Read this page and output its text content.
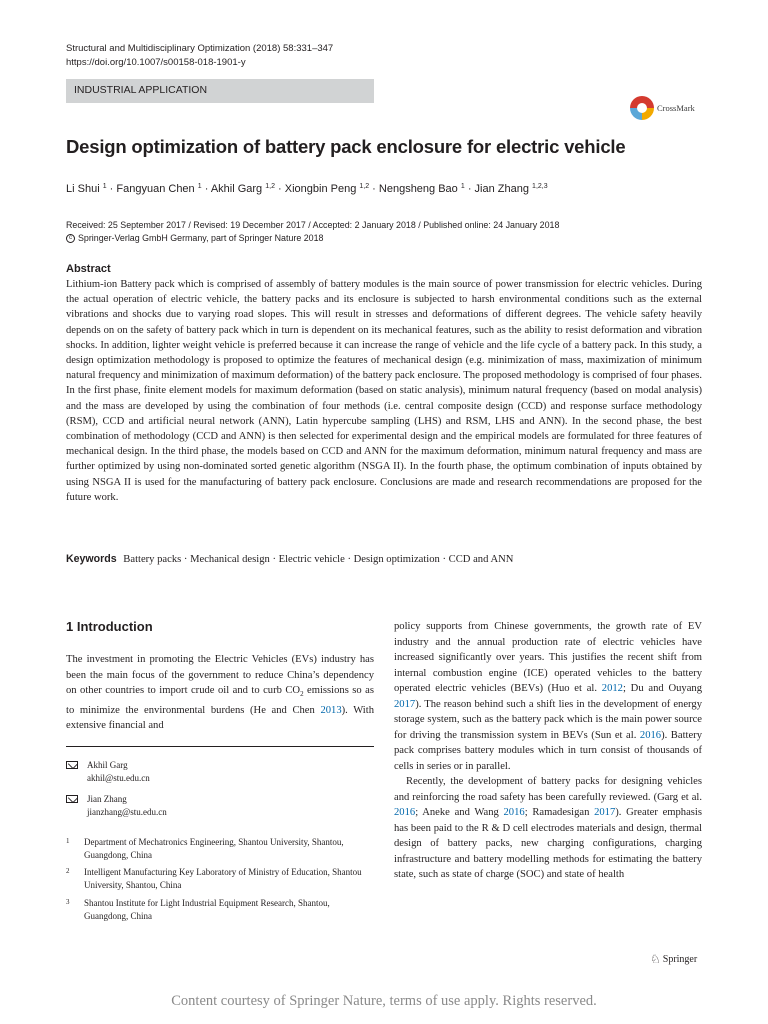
Structural and Multidisciplinary Optimization (2018) 58:331–347
https://doi.org/10.1007/s00158-018-1901-y
INDUSTRIAL APPLICATION
CrossMark
Design optimization of battery pack enclosure for electric vehicle
Li Shui $^1$ · Fangyuan Chen $^1$ · Akhil Garg $^{1,2}$ · Xiongbin Peng $^{1,2}$ · Nengsheng Bao $^1$ · Jian Zhang $^{1,2,3}$
Received: 25 September 2017 / Revised: 19 December 2017 / Accepted: 2 January 2018 / Published online: 24 January 2018
c Springer-Verlag GmbH Germany, part of Springer Nature 2018
Abstract

Lithium-ion Battery pack which is comprised of assembly of battery modules is the main source of power transmission for electric vehicles. During the actual operation of electric vehicle, the battery packs and its enclosure is subjected to harsh environmental conditions such as the external vibrations and shocks due to varying road slopes. This will result in stresses and deformations of different degrees. The vehicle safety heavily depends on on the safety of battery pack which in turn is dependent on its mechanical features, such as the ability to resist deformation and vibration shocks. In addition, lighter weight vehicle is preferred because it can increase the range of vehicle and the life cycle of a battery pack. In this study, a design optimization methodology is proposed to optimize the features of mechanical design (e.g. minimization of mass, maximization of minimum natural frequency and minimization of maximum deformation) of the battery pack enclosure. The proposed methodology is comprised of four phases. In the first phase, finite element models for maximum deformation (based on static analysis), minimum natural frequency (based on modal analysis) and the mass are developed by using the combination of four methods (i.e. central composite design (CCD) and response surface methodology (RSM), CCD and artificial neural network (ANN), Latin hypercube sampling (LHS) and RSM, LHS and ANN). In the second phase, the best combination of methodology (CCD and ANN) is then selected for experimental design and the empirical models are formulated for three features of mechanical design. In the third phase, the models based on CCD and ANN for the maximum deformation, minimum natural frequency and mass are further optimized by using non-dominated sorted genetic algorithm (NSGA II). In the fourth phase, the optimum combination of inputs obtained by using NSGA II is used for the manufacturing of battery pack enclosure. Conclusions are made and research recommendations are proposed for the future work.

Keywords Battery packs · Mechanical design · Electric vehicle · Design optimization · CCD and ANN
1 Introduction

The investment in promoting the Electric Vehicles (EVs) industry has been the main focus of the government to reduce China’s dependency on other countries to import crude oil and to curb $CO_2$ emissions so as to minimize the environmental burdens (He and Chen 2013). With extensive financial and

policy supports from Chinese governments, the growth rate of EV industry and the annual production rate of electric vehicles have increased significantly over years. This justifies the recent shift from internal combustion engine (ICE) operated vehicles to the battery operated electric vehicles (BEVs) (Huo et al. 2012; Du and Ouyang 2017). The reason behind such a shift lies in the development of energy storage system, such as the battery pack which is the main power source for driving the transmission system in BEVs (Sun et al. 2016). Battery pack comprises battery modules which in turn consist of thousands of cells in series or in parallel.

Recently, the development of battery packs for designing vehicles and reinforcing the road safety has been carefully reviewed. (Garg et al. 2016; Aneke and Wang 2016; Ramadesigan 2017). Greater emphasis has been paid to the R & D cell electrodes materials and design, thermal design of battery packs, new charging configurations, charging infrastructure and battery modelling methods for estimating the battery state, such as state of charge (SOC) and state of health

Akhil Garg
akhil@stu.edu.cn
Jian Zhang
jianzhang@stu.edu.cn
1	Department of Mechatronics Engineering, Shantou University, Shantou, Guangdong, China
2	Intelligent Manufacturing Key Laboratory of Ministry of Education, Shantou University, Shantou, China
3	Shantou Institute for Light Industrial Equipment Research, Shantou, Guangdong, China
♘ Springer
Content courtesy of Springer Nature, terms of use apply. Rights reserved.
